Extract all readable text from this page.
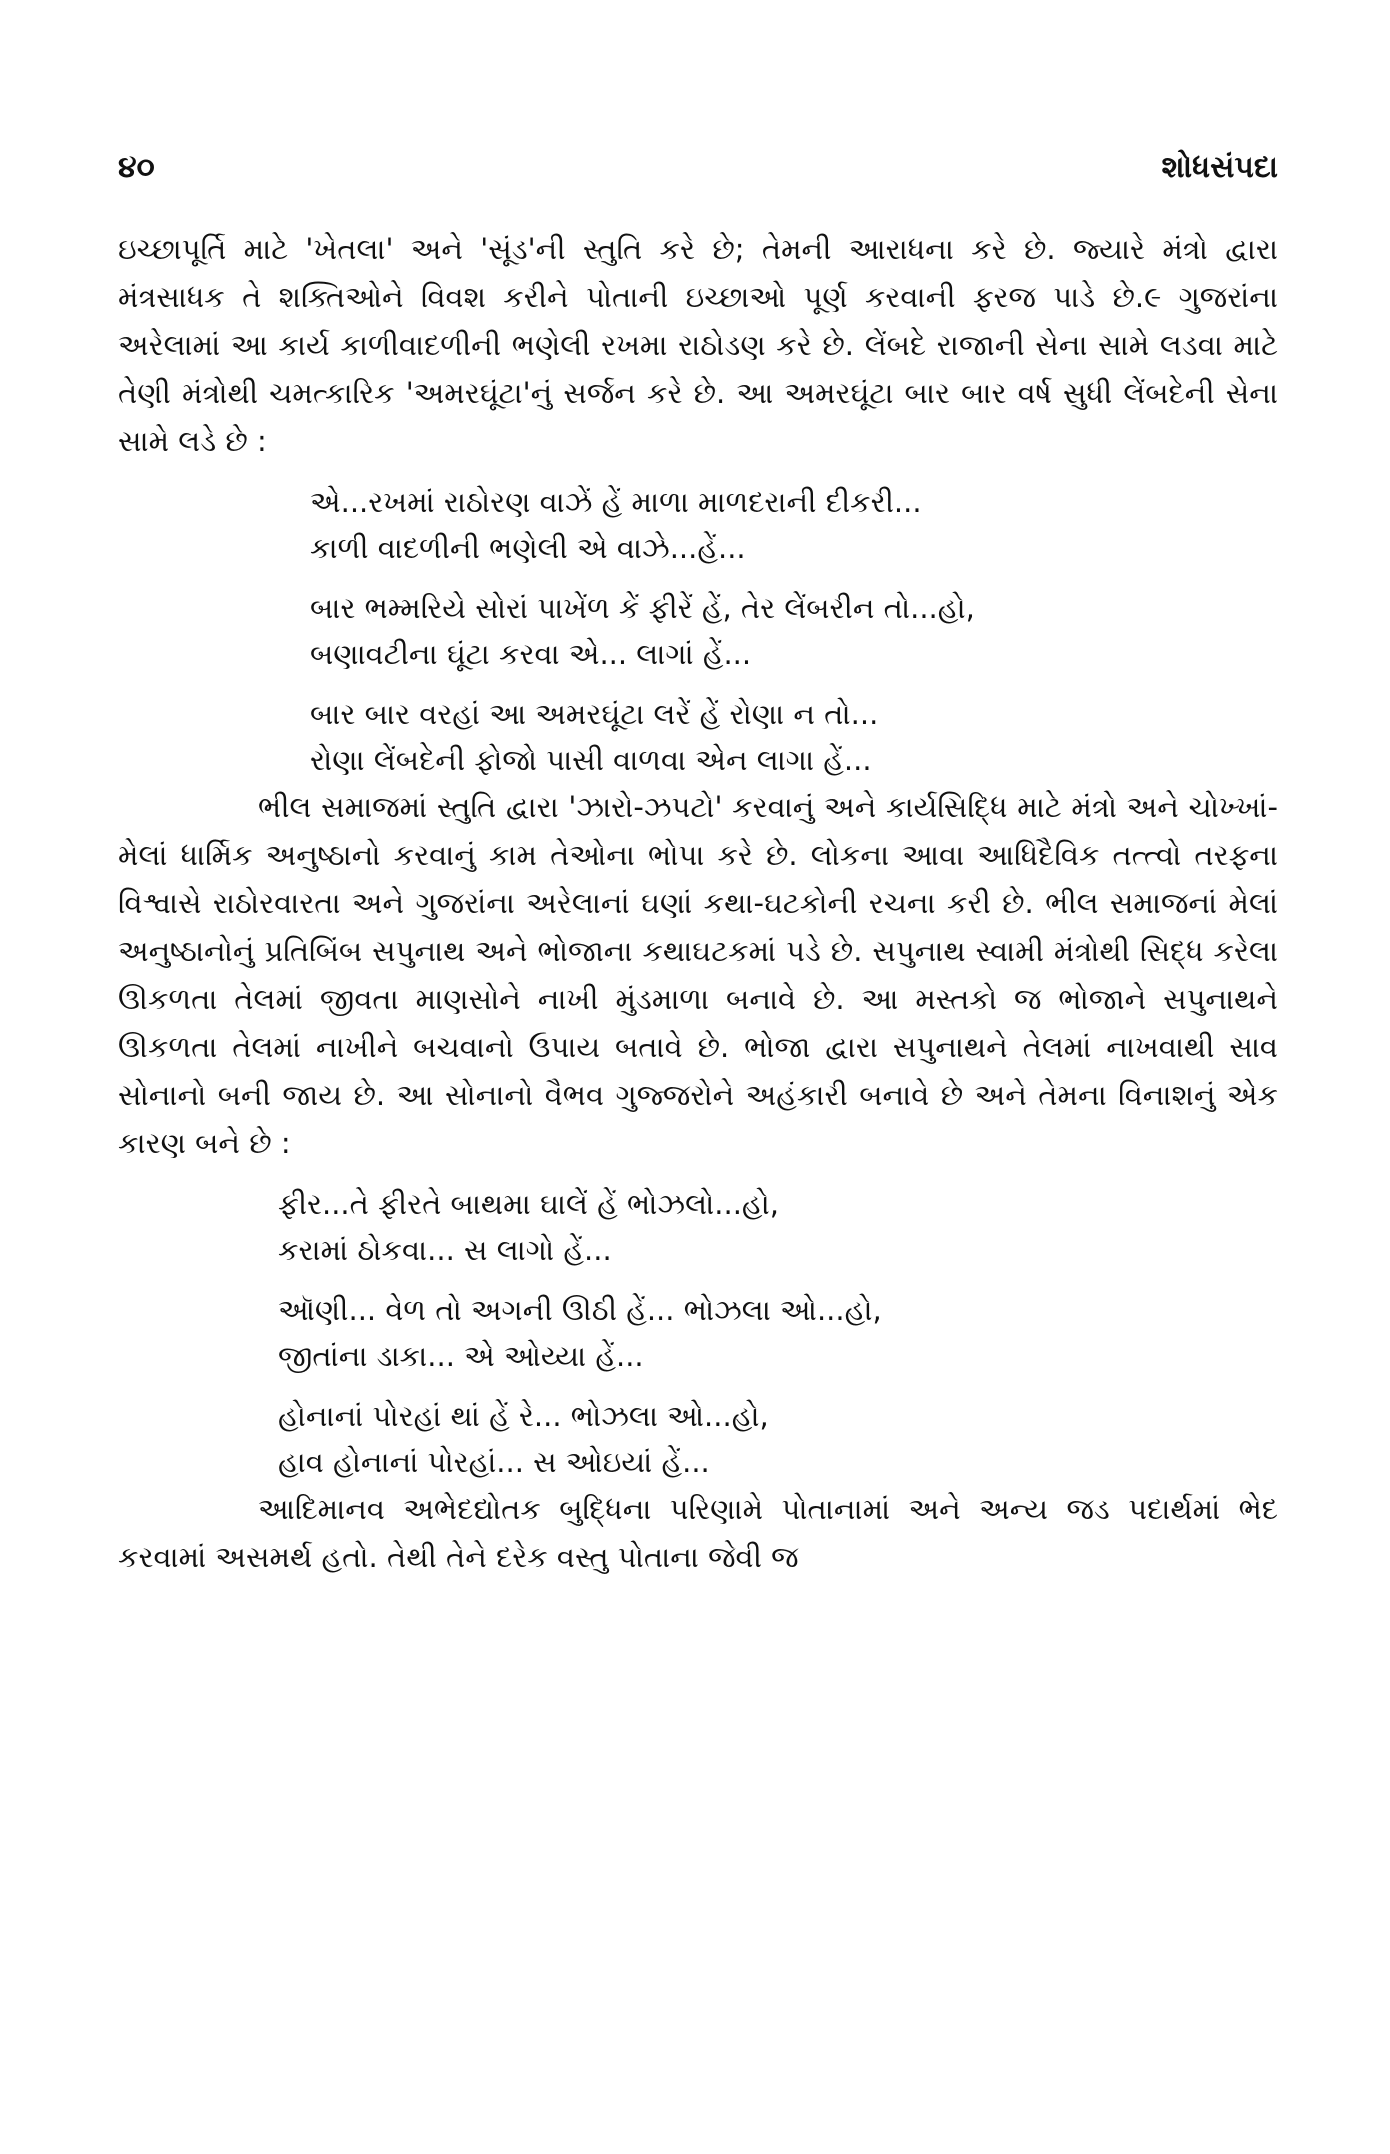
૪૦	શોધસંપદા

ઇચ્છાપૂર્તિ માટે 'ખેતલા' અને 'સૂંડ'ની સ્તુતિ કરે છે; તેમની આરાધના કરે છે. જ્યારે મંત્રો દ્વારા મંત્રસાધક તે શક્તિઓને વિવશ કરીને પોતાની ઇચ્છાઓ પૂર્ણ કરવાની ફરજ પાડે છે.૯ ગુજરાંના અરેલામાં આ કાર્ય કાળીવાદળીની ભણેલી રખમા રાઠોડણ કરે છે. લેંબદે રાજાની સેના સામે લડવા માટે તેણી મંત્રોથી ચમત્કારિક 'અમરઘૂંટા'નું સર્જન કરે છે. આ અમરઘૂંટા બાર બાર વર્ષ સુધી લેંબદેની સેના સામે લડે છે :

એ...રખમાં રાઠોરણ વાઝેં હેં માળા માળદરાની દીકરી...
કાળી વાદળીની ભણેલી એ વાઝે...હેં...
બાર ભમ્મરિયે સોરાં પાખેંળ કેં ફીરેં હેં, તેર લેંબરીન તો...હો,
બણાવટીના ઘૂંટા કરવા એ... લાગાં હેં...
બાર બાર વરહાં આ અમરઘૂંટા લરેં હેં રોણા ન તો...
રોણા લેંબદેની ફોજો પાસી વાળવા એન લાગા હેં...

ભીલ સમાજમાં સ્તુતિ દ્વારા 'ઝારો-ઝપટો' કરવાનું અને કાર્યસિદ્ધિ માટે મંત્રો અને ચોખ્ખાં-મેલાં ધાર્મિક અનુષ્ઠાનો કરવાનું કામ તેઓના ભોપા કરે છે. લોકના આવા આધિદૈવિક તત્ત્વો તરફના વિશ્વાસે રાઠોરવારતા અને ગુજરાંના અરેલાનાં ઘણાં કથા-ઘટકોની રચના કરી છે. ભીલ સમાજનાં મેલાં અનુષ્ઠાનોનું પ્રતિબિંબ સપુનાથ અને ભોજાના કથાઘટકમાં પડે છે. સપુનાથ સ્વામી મંત્રોથી સિદ્ધ કરેલા ઊકળતા તેલમાં જીવતા માણસોને નાખી મુંડમાળા બનાવે છે. આ મસ્તકો જ ભોજાને સપુનાથને ઊકળતા તેલમાં નાખીને બચવાનો ઉપાય બતાવે છે. ભોજા દ્વારા સપુનાથને તેલમાં નાખવાથી સાવ સોનાનો બની જાય છે. આ સોનાનો વૈભવ ગુજ્જરોને અહંકારી બનાવે છે અને તેમના વિનાશનું એક કારણ બને છે :

ફીર...તે ફીરતે બાથમા ઘાલેં હેં ભોઝલો...હો,
કરામાં ઠોકવા... સ લાગો હેં...
ઑણી... વેળ તો અગની ઊઠી હેં... ભોઝલા ઓ...હો,
જીતાંના ડાકા... એ ઓય્યા હેં...
હોનાનાં પોરહાં થાં હેં રે... ભોઝલા ઓ...હો,
હાવ હોનાનાં પોરહાં... સ ઓઇયાં હેં...

આદિમાનવ અભેદદ્યોતક બુદ્ધિના પરિણામે પોતાનામાં અને અન્ય જડ પદાર્થમાં ભેદ કરવામાં અસમર્થ હતો. તેથી તેને દરેક વસ્તુ પોતાના જેવી જ
